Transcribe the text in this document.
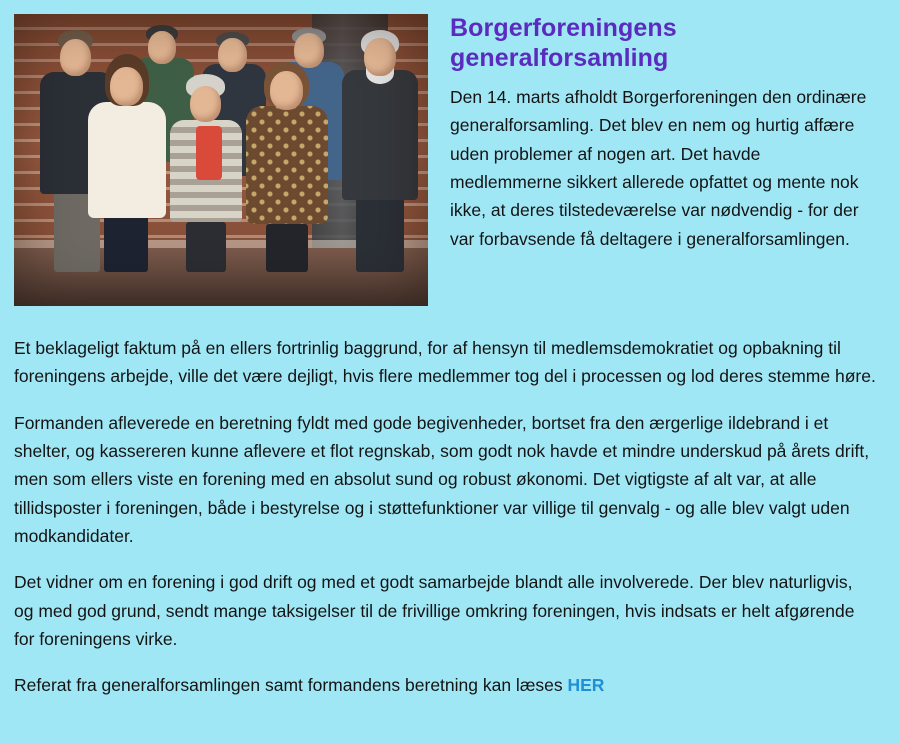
Borgerforeningens generalforsamling

Den 14. marts afholdt Borgerforeningen den ordinære generalforsamling. Det blev en nem og hurtig affære uden problemer af nogen art. Det havde medlemmerne sikkert allerede opfattet og mente nok ikke, at deres tilstedeværelse var nødvendig - for der var forbavsende få deltagere i generalforsamlingen.

Et beklageligt faktum på en ellers fortrinlig baggrund, for af hensyn til medlemsdemokratiet og opbakning til foreningens arbejde, ville det være dejligt, hvis flere medlemmer tog del i processen og lod deres stemme høre.

Formanden afleverede en beretning fyldt med gode begivenheder, bortset fra den ærgerlige ildebrand i et shelter, og kassereren kunne aflevere et flot regnskab, som godt nok havde et mindre underskud på årets drift, men som ellers viste en forening med en absolut sund og robust økonomi. Det vigtigste af alt var, at alle tillidsposter i foreningen, både i bestyrelse og i støttefunktioner var villige til genvalg - og alle blev valgt uden modkandidater.

Det vidner om en forening i god drift og med et godt samarbejde blandt alle involverede. Der blev naturligvis, og med god grund, sendt mange taksigelser til de frivillige omkring foreningen, hvis indsats er helt afgørende for foreningens virke.

Referat fra generalforsamlingen samt formandens beretning kan læses HER
